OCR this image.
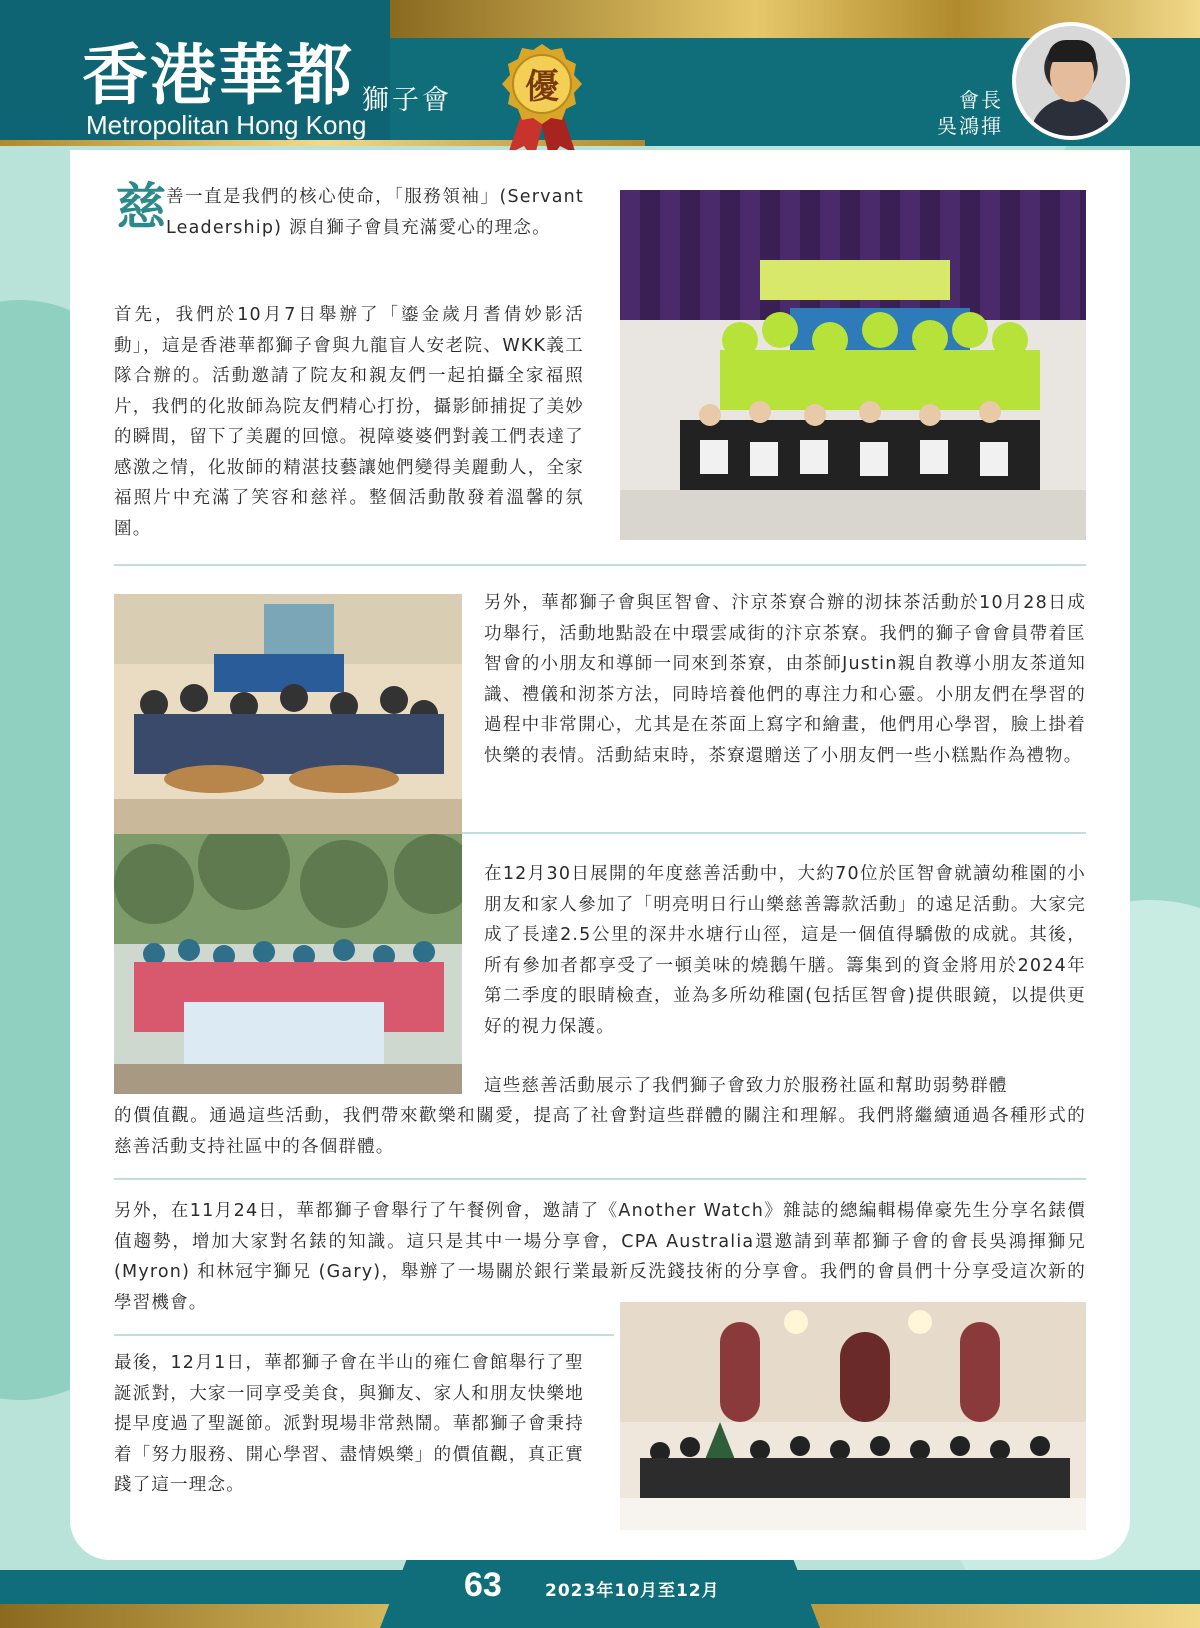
香港華都 獅子會
Metropolitan Hong Kong
優	會長
吳鴻揮
慈 善一直是我們的核心使命，「服務領袖」(Servant Leadership) 源自獅子會員充滿愛心的理念。
首先，我們於10月7日舉辦了「鎏金歲月耆倩妙影活動」，這是香港華都獅子會與九龍盲人安老院、WKK義工隊合辦的。活動邀請了院友和親友們一起拍攝全家福照片，我們的化妝師為院友們精心打扮，攝影師捕捉了美妙的瞬間，留下了美麗的回憶。視障婆婆們對義工們表達了感激之情，化妝師的精湛技藝讓她們變得美麗動人，全家福照片中充滿了笑容和慈祥。整個活動散發着溫馨的氛圍。
另外，華都獅子會與匡智會、汴京茶寮合辦的沏抹茶活動於10月28日成功舉行，活動地點設在中環雲咸街的汴京茶寮。我們的獅子會會員帶着匡智會的小朋友和導師一同來到茶寮，由茶師Justin親自教導小朋友茶道知識、禮儀和沏茶方法，同時培養他們的專注力和心靈。小朋友們在學習的過程中非常開心，尤其是在茶面上寫字和繪畫，他們用心學習，臉上掛着快樂的表情。活動結束時，茶寮還贈送了小朋友們一些小糕點作為禮物。
在12月30日展開的年度慈善活動中，大約70位於匡智會就讀幼稚園的小朋友和家人參加了「明亮明日行山樂慈善籌款活動」的遠足活動。大家完成了長達2.5公里的深井水塘行山徑，這是一個值得驕傲的成就。其後，所有參加者都享受了一頓美味的燒鵝午膳。籌集到的資金將用於2024年第二季度的眼睛檢查，並為多所幼稚園(包括匡智會)提供眼鏡，以提供更好的視力保護。
這些慈善活動展示了我們獅子會致力於服務社區和幫助弱勢群體
的價值觀。通過這些活動，我們帶來歡樂和關愛，提高了社會對這些群體的關注和理解。我們將繼續通過各種形式的慈善活動支持社區中的各個群體。
另外，在11月24日，華都獅子會舉行了午餐例會，邀請了《Another Watch》雜誌的總編輯楊偉豪先生分享名錶價值趨勢，增加大家對名錶的知識。這只是其中一場分享會，CPA Australia還邀請到華都獅子會的會長吳鴻揮獅兄 (Myron) 和林冠宇獅兄 (Gary)，舉辦了一場關於銀行業最新反洗錢技術的分享會。我們的會員們十分享受這次新的學習機會。
最後，12月1日，華都獅子會在半山的雍仁會館舉行了聖誕派對，大家一同享受美食，與獅友、家人和朋友快樂地提早度過了聖誕節。派對現場非常熱鬧。華都獅子會秉持着「努力服務、開心學習、盡情娛樂」的價值觀，真正實踐了這一理念。
63	2023年10月至12月
